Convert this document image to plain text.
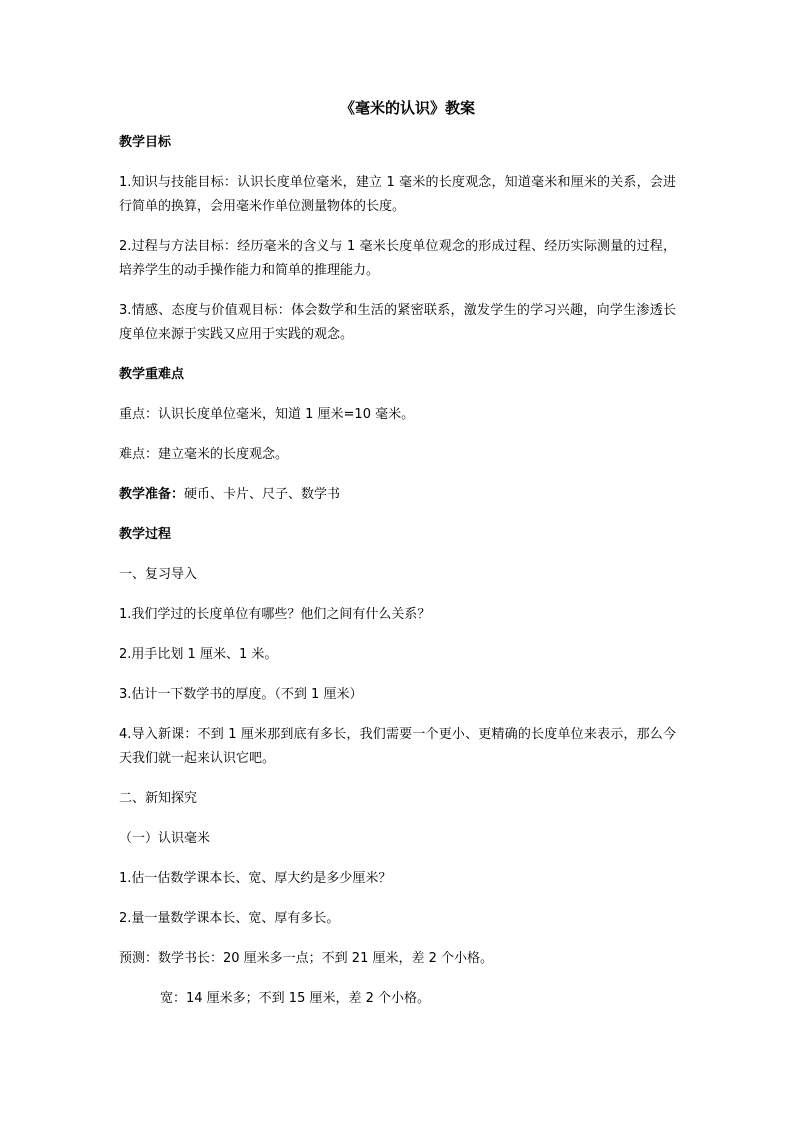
《毫米的认识》教案
教学目标
1.知识与技能目标：认识长度单位毫米，建立 1 毫米的长度观念，知道毫米和厘米的关系，会进行简单的换算，会用毫米作单位测量物体的长度。
2.过程与方法目标：经历毫米的含义与 1 毫米长度单位观念的形成过程、经历实际测量的过程，培养学生的动手操作能力和简单的推理能力。
3.情感、态度与价值观目标：体会数学和生活的紧密联系，激发学生的学习兴趣，向学生渗透长度单位来源于实践又应用于实践的观念。
教学重难点
重点：认识长度单位毫米，知道 1 厘米=10 毫米。
难点：建立毫米的长度观念。
教学准备：硬币、卡片、尺子、数学书
教学过程
一、复习导入
1.我们学过的长度单位有哪些？他们之间有什么关系？
2.用手比划 1 厘米、1 米。
3.估计一下数学书的厚度。（不到 1 厘米）
4.导入新课：不到 1 厘米那到底有多长，我们需要一个更小、更精确的长度单位来表示，那么今天我们就一起来认识它吧。
二、新知探究
（一）认识毫米
1.估一估数学课本长、宽、厚大约是多少厘米？
2.量一量数学课本长、宽、厚有多长。
预测：数学书长：20 厘米多一点；不到 21 厘米，差 2 个小格。
宽：14 厘米多；不到 15 厘米，差 2 个小格。
